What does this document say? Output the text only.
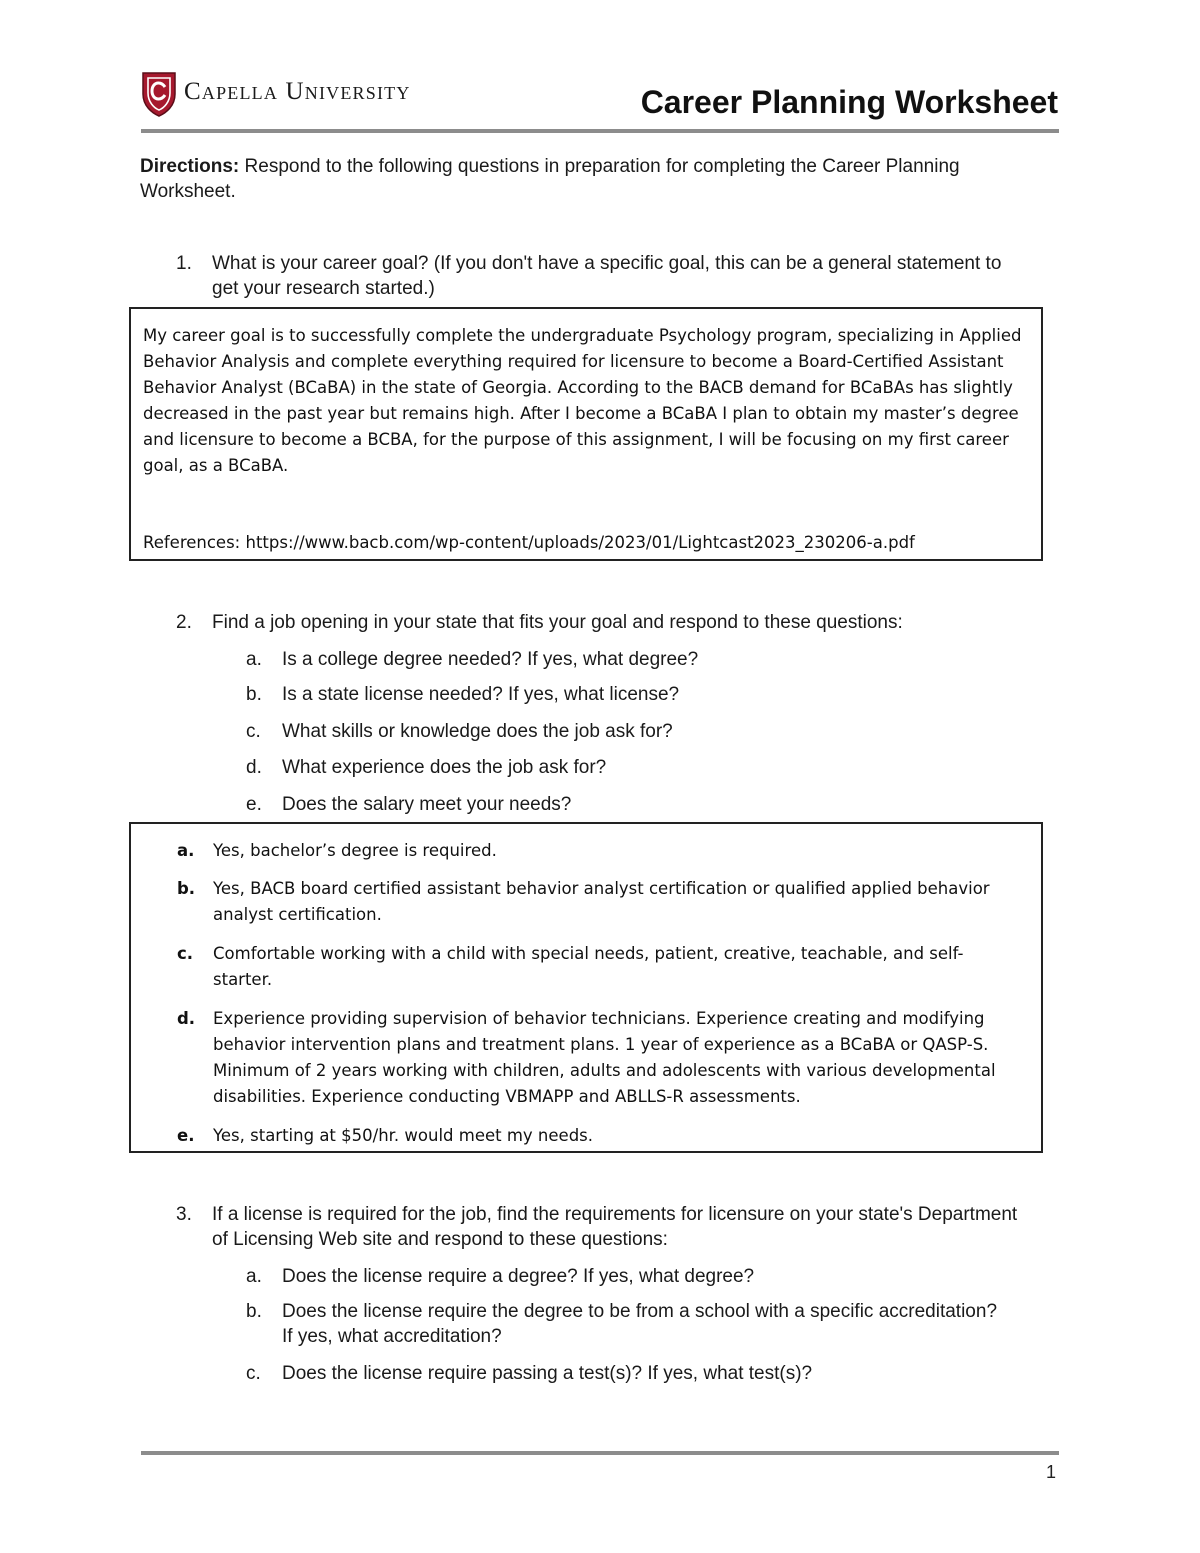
Capella University	Career Planning Worksheet
Directions: Respond to the following questions in preparation for completing the Career Planning Worksheet.
1. What is your career goal? (If you don't have a specific goal, this can be a general statement to get your research started.)
My career goal is to successfully complete the undergraduate Psychology program, specializing in Applied Behavior Analysis and complete everything required for licensure to become a Board-Certified Assistant Behavior Analyst (BCaBA) in the state of Georgia. According to the BACB demand for BCaBAs has slightly decreased in the past year but remains high. After I become a BCaBA I plan to obtain my master’s degree and licensure to become a BCBA, for the purpose of this assignment, I will be focusing on my first career goal, as a BCaBA.
References: https://www.bacb.com/wp-content/uploads/2023/01/Lightcast2023_230206-a.pdf
2. Find a job opening in your state that fits your goal and respond to these questions:
a. Is a college degree needed? If yes, what degree?
b. Is a state license needed? If yes, what license?
c. What skills or knowledge does the job ask for?
d. What experience does the job ask for?
e. Does the salary meet your needs?
a. Yes, bachelor’s degree is required.
b. Yes, BACB board certified assistant behavior analyst certification or qualified applied behavior analyst certification.
c. Comfortable working with a child with special needs, patient, creative, teachable, and self-starter.
d. Experience providing supervision of behavior technicians. Experience creating and modifying behavior intervention plans and treatment plans. 1 year of experience as a BCaBA or QASP-S. Minimum of 2 years working with children, adults and adolescents with various developmental disabilities. Experience conducting VBMAPP and ABLLS-R assessments.
e. Yes, starting at $50/hr. would meet my needs.
3. If a license is required for the job, find the requirements for licensure on your state's Department of Licensing Web site and respond to these questions:
a. Does the license require a degree? If yes, what degree?
b. Does the license require the degree to be from a school with a specific accreditation? If yes, what accreditation?
c. Does the license require passing a test(s)? If yes, what test(s)?
1
